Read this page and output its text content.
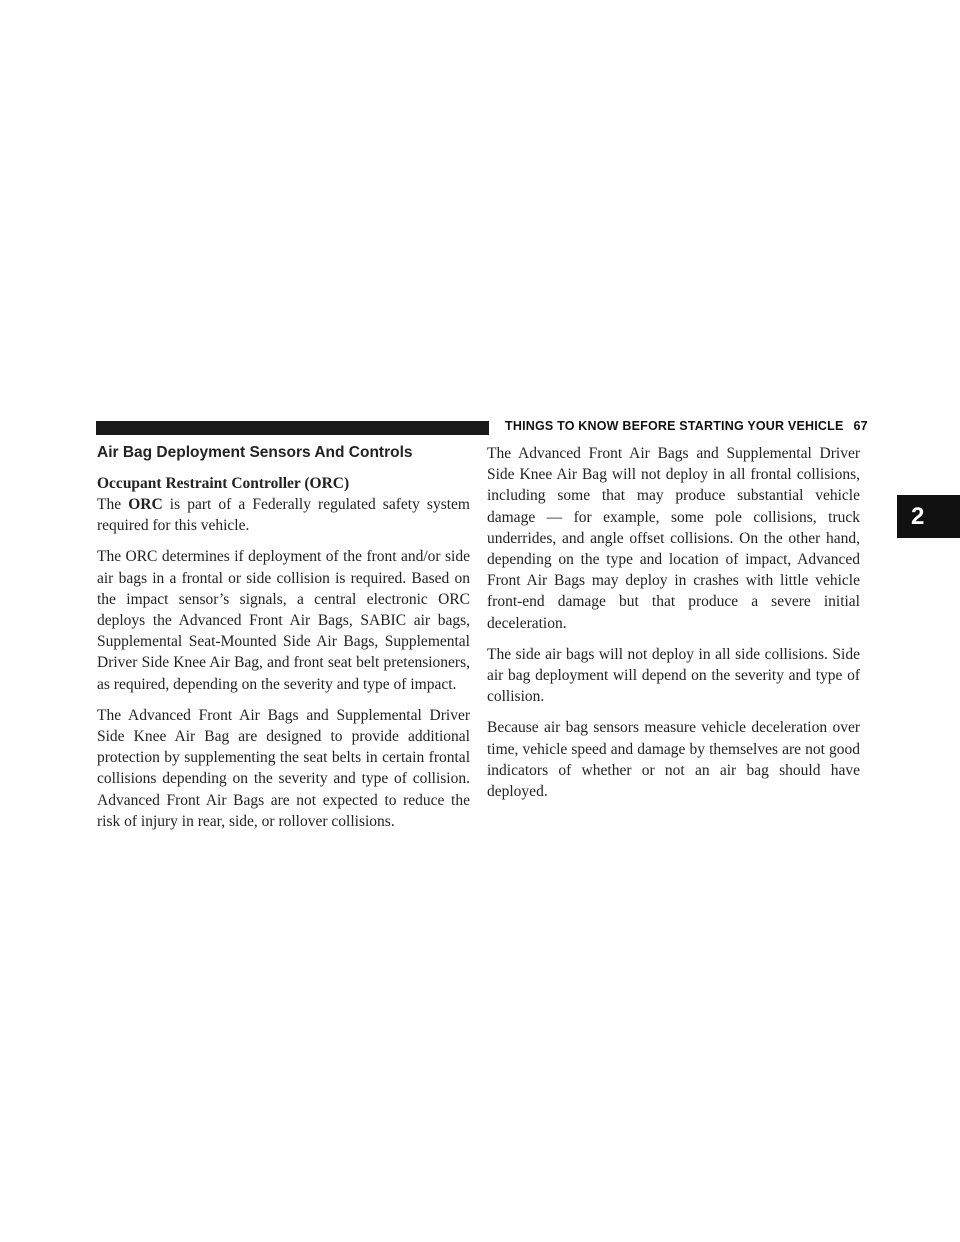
THINGS TO KNOW BEFORE STARTING YOUR VEHICLE 67
2
Air Bag Deployment Sensors And Controls
Occupant Restraint Controller (ORC)

The ORC is part of a Federally regulated safety system required for this vehicle.

The ORC determines if deployment of the front and/or side air bags in a frontal or side collision is required. Based on the impact sensor’s signals, a central electronic ORC deploys the Advanced Front Air Bags, SABIC air bags, Supplemental Seat-Mounted Side Air Bags, Supplemental Driver Side Knee Air Bag, and front seat belt pretensioners, as required, depending on the severity and type of impact.

The Advanced Front Air Bags and Supplemental Driver Side Knee Air Bag are designed to provide additional protection by supplementing the seat belts in certain frontal collisions depending on the severity and type of collision. Advanced Front Air Bags are not expected to reduce the risk of injury in rear, side, or rollover collisions.

The Advanced Front Air Bags and Supplemental Driver Side Knee Air Bag will not deploy in all frontal collisions, including some that may produce substantial vehicle damage — for example, some pole collisions, truck underrides, and angle offset collisions. On the other hand, depending on the type and location of impact, Advanced Front Air Bags may deploy in crashes with little vehicle front-end damage but that produce a severe initial deceleration.

The side air bags will not deploy in all side collisions. Side air bag deployment will depend on the severity and type of collision.

Because air bag sensors measure vehicle deceleration over time, vehicle speed and damage by themselves are not good indicators of whether or not an air bag should have deployed.
